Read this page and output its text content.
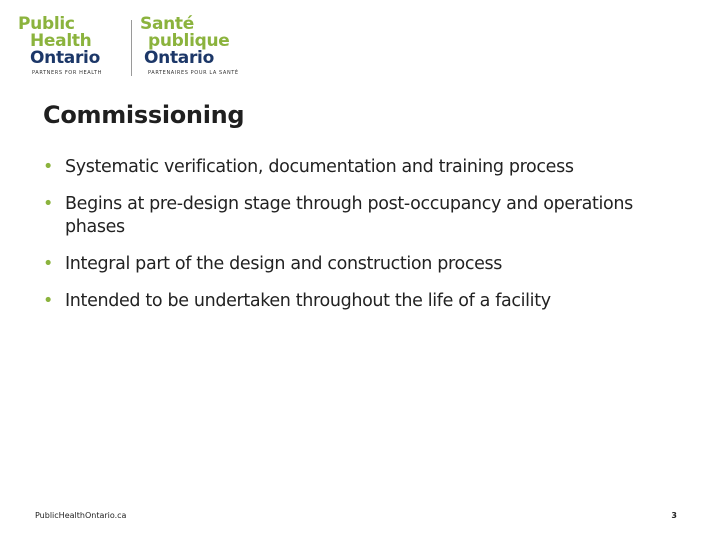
Public
Health
Ontario
PARTNERS FOR HEALTH
Santé
publique
Ontario
PARTENAIRES POUR LA SANTÉ
Commissioning
• Systematic verification, documentation and training process
• Begins at pre-design stage through post-occupancy and operations phases
• Integral part of the design and construction process
• Intended to be undertaken throughout the life of a facility
PublicHealthOntario.ca	3
